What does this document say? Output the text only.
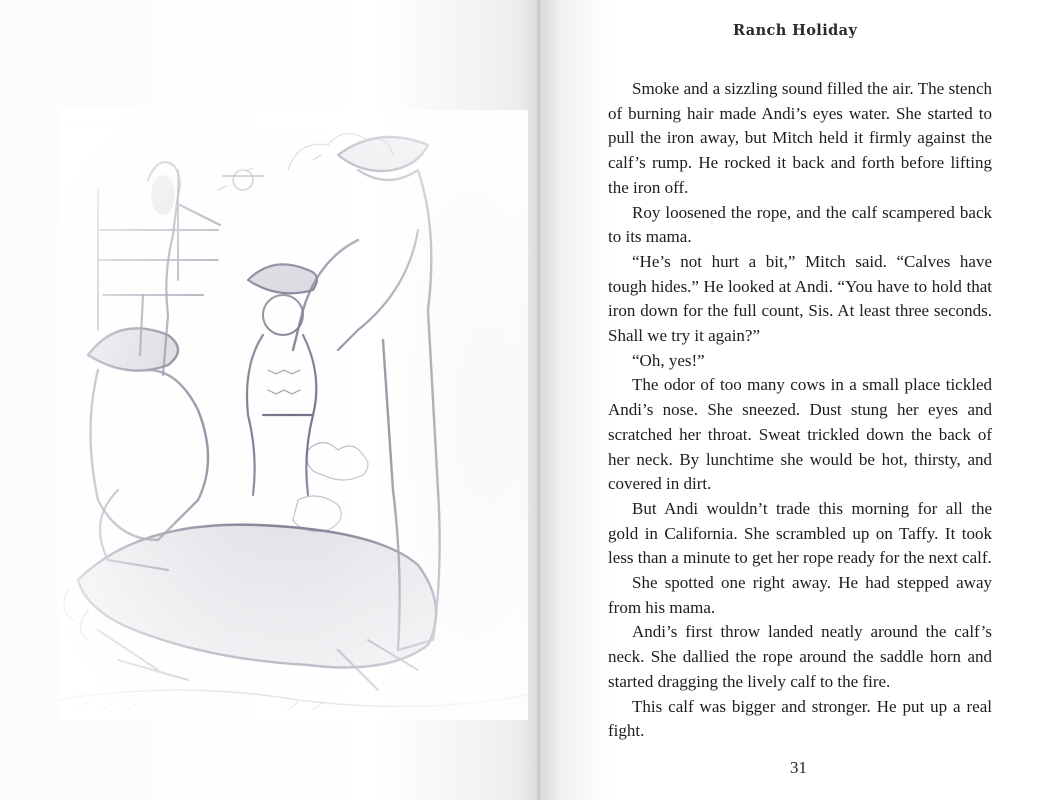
Ranch Holiday

Smoke and a sizzling sound filled the air. The stench of burning hair made Andi’s eyes water. She started to pull the iron away, but Mitch held it firmly against the calf’s rump. He rocked it back and forth before lifting the iron off.

Roy loosened the rope, and the calf scampered back to its mama.

“He’s not hurt a bit,” Mitch said. “Calves have tough hides.” He looked at Andi. “You have to hold that iron down for the full count, Sis. At least three seconds. Shall we try it again?”

“Oh, yes!”

The odor of too many cows in a small place tickled Andi’s nose. She sneezed. Dust stung her eyes and scratched her throat. Sweat trickled down the back of her neck. By lunchtime she would be hot, thirsty, and covered in dirt.

But Andi wouldn’t trade this morning for all the gold in California. She scrambled up on Taffy. It took less than a minute to get her rope ready for the next calf.

She spotted one right away. He had stepped away from his mama.

Andi’s first throw landed neatly around the calf’s neck. She dallied the rope around the saddle horn and started dragging the lively calf to the fire.

This calf was bigger and stronger. He put up a real fight.

31
